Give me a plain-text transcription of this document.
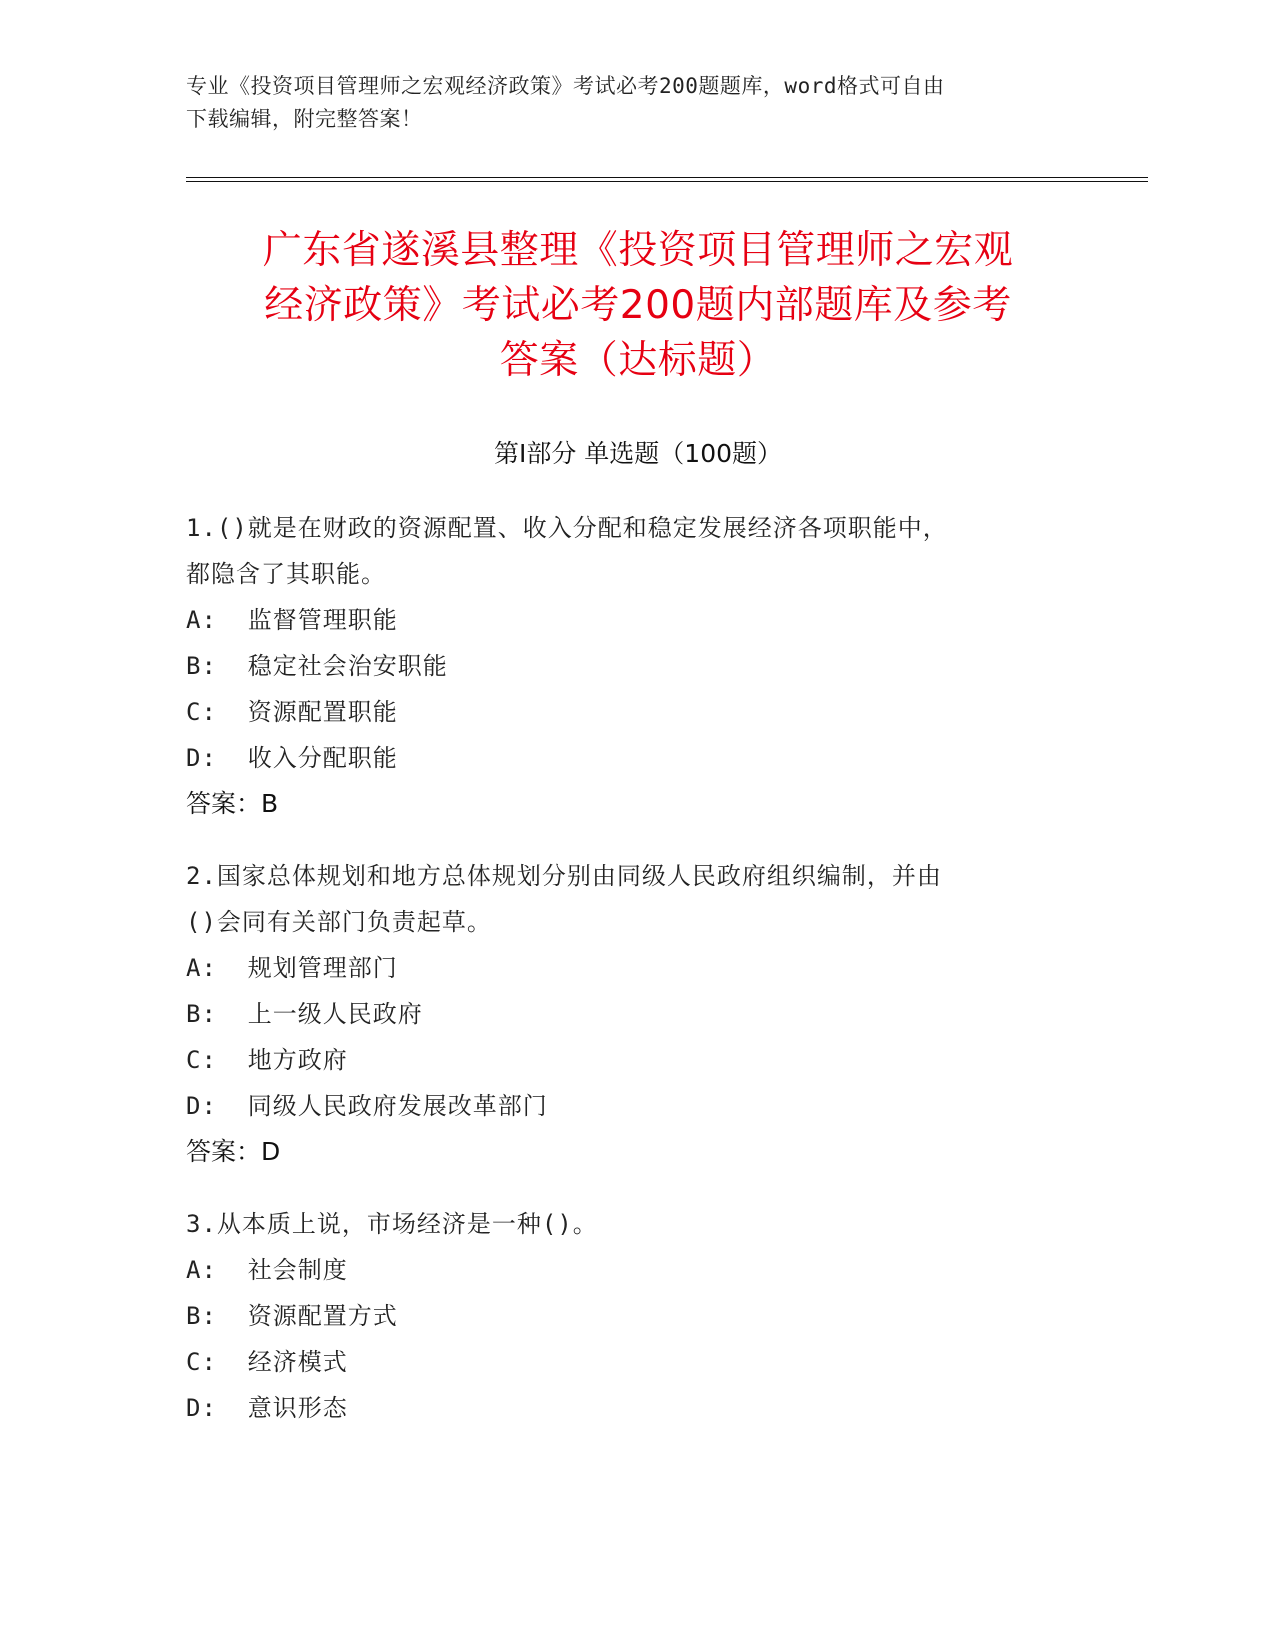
专业《投资项目管理师之宏观经济政策》考试必考200题题库，word格式可自由
下载编辑，附完整答案！
广东省遂溪县整理《投资项目管理师之宏观
经济政策》考试必考200题内部题库及参考
答案（达标题）
第Ⅰ部分 单选题（100题）
1.()就是在财政的资源配置、收入分配和稳定发展经济各项职能中，
都隐含了其职能。
A:  监督管理职能
B:  稳定社会治安职能
C:  资源配置职能
D:  收入分配职能
答案：B
2.国家总体规划和地方总体规划分别由同级人民政府组织编制，并由
()会同有关部门负责起草。
A:  规划管理部门
B:  上一级人民政府
C:  地方政府
D:  同级人民政府发展改革部门
答案：D
3.从本质上说，市场经济是一种()。
A:  社会制度
B:  资源配置方式
C:  经济模式
D:  意识形态
